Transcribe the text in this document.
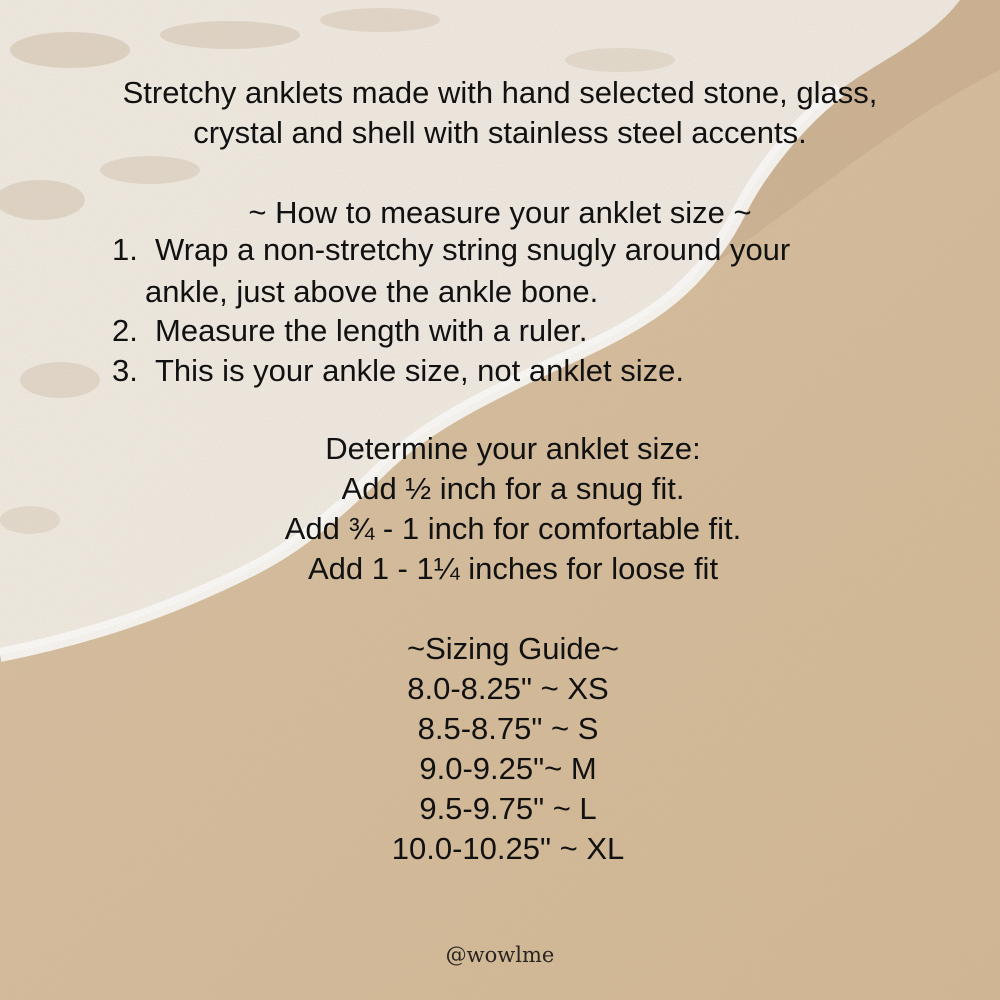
Stretchy anklets made with hand selected stone, glass,

crystal and shell with stainless steel accents.

~ How to measure your anklet size ~

1. Wrap a non-stretchy string snugly around your

ankle, just above the ankle bone.

2. Measure the length with a ruler.

3. This is your ankle size, not anklet size.

Determine your anklet size:

Add ½ inch for a snug fit.

Add ¾ - 1 inch for comfortable fit.

Add 1 - 1¼ inches for loose fit

~Sizing Guide~

8.0-8.25" ~ XS

8.5-8.75" ~ S

9.0-9.25"~ M

9.5-9.75" ~ L

10.0-10.25" ~ XL

@wowlme
